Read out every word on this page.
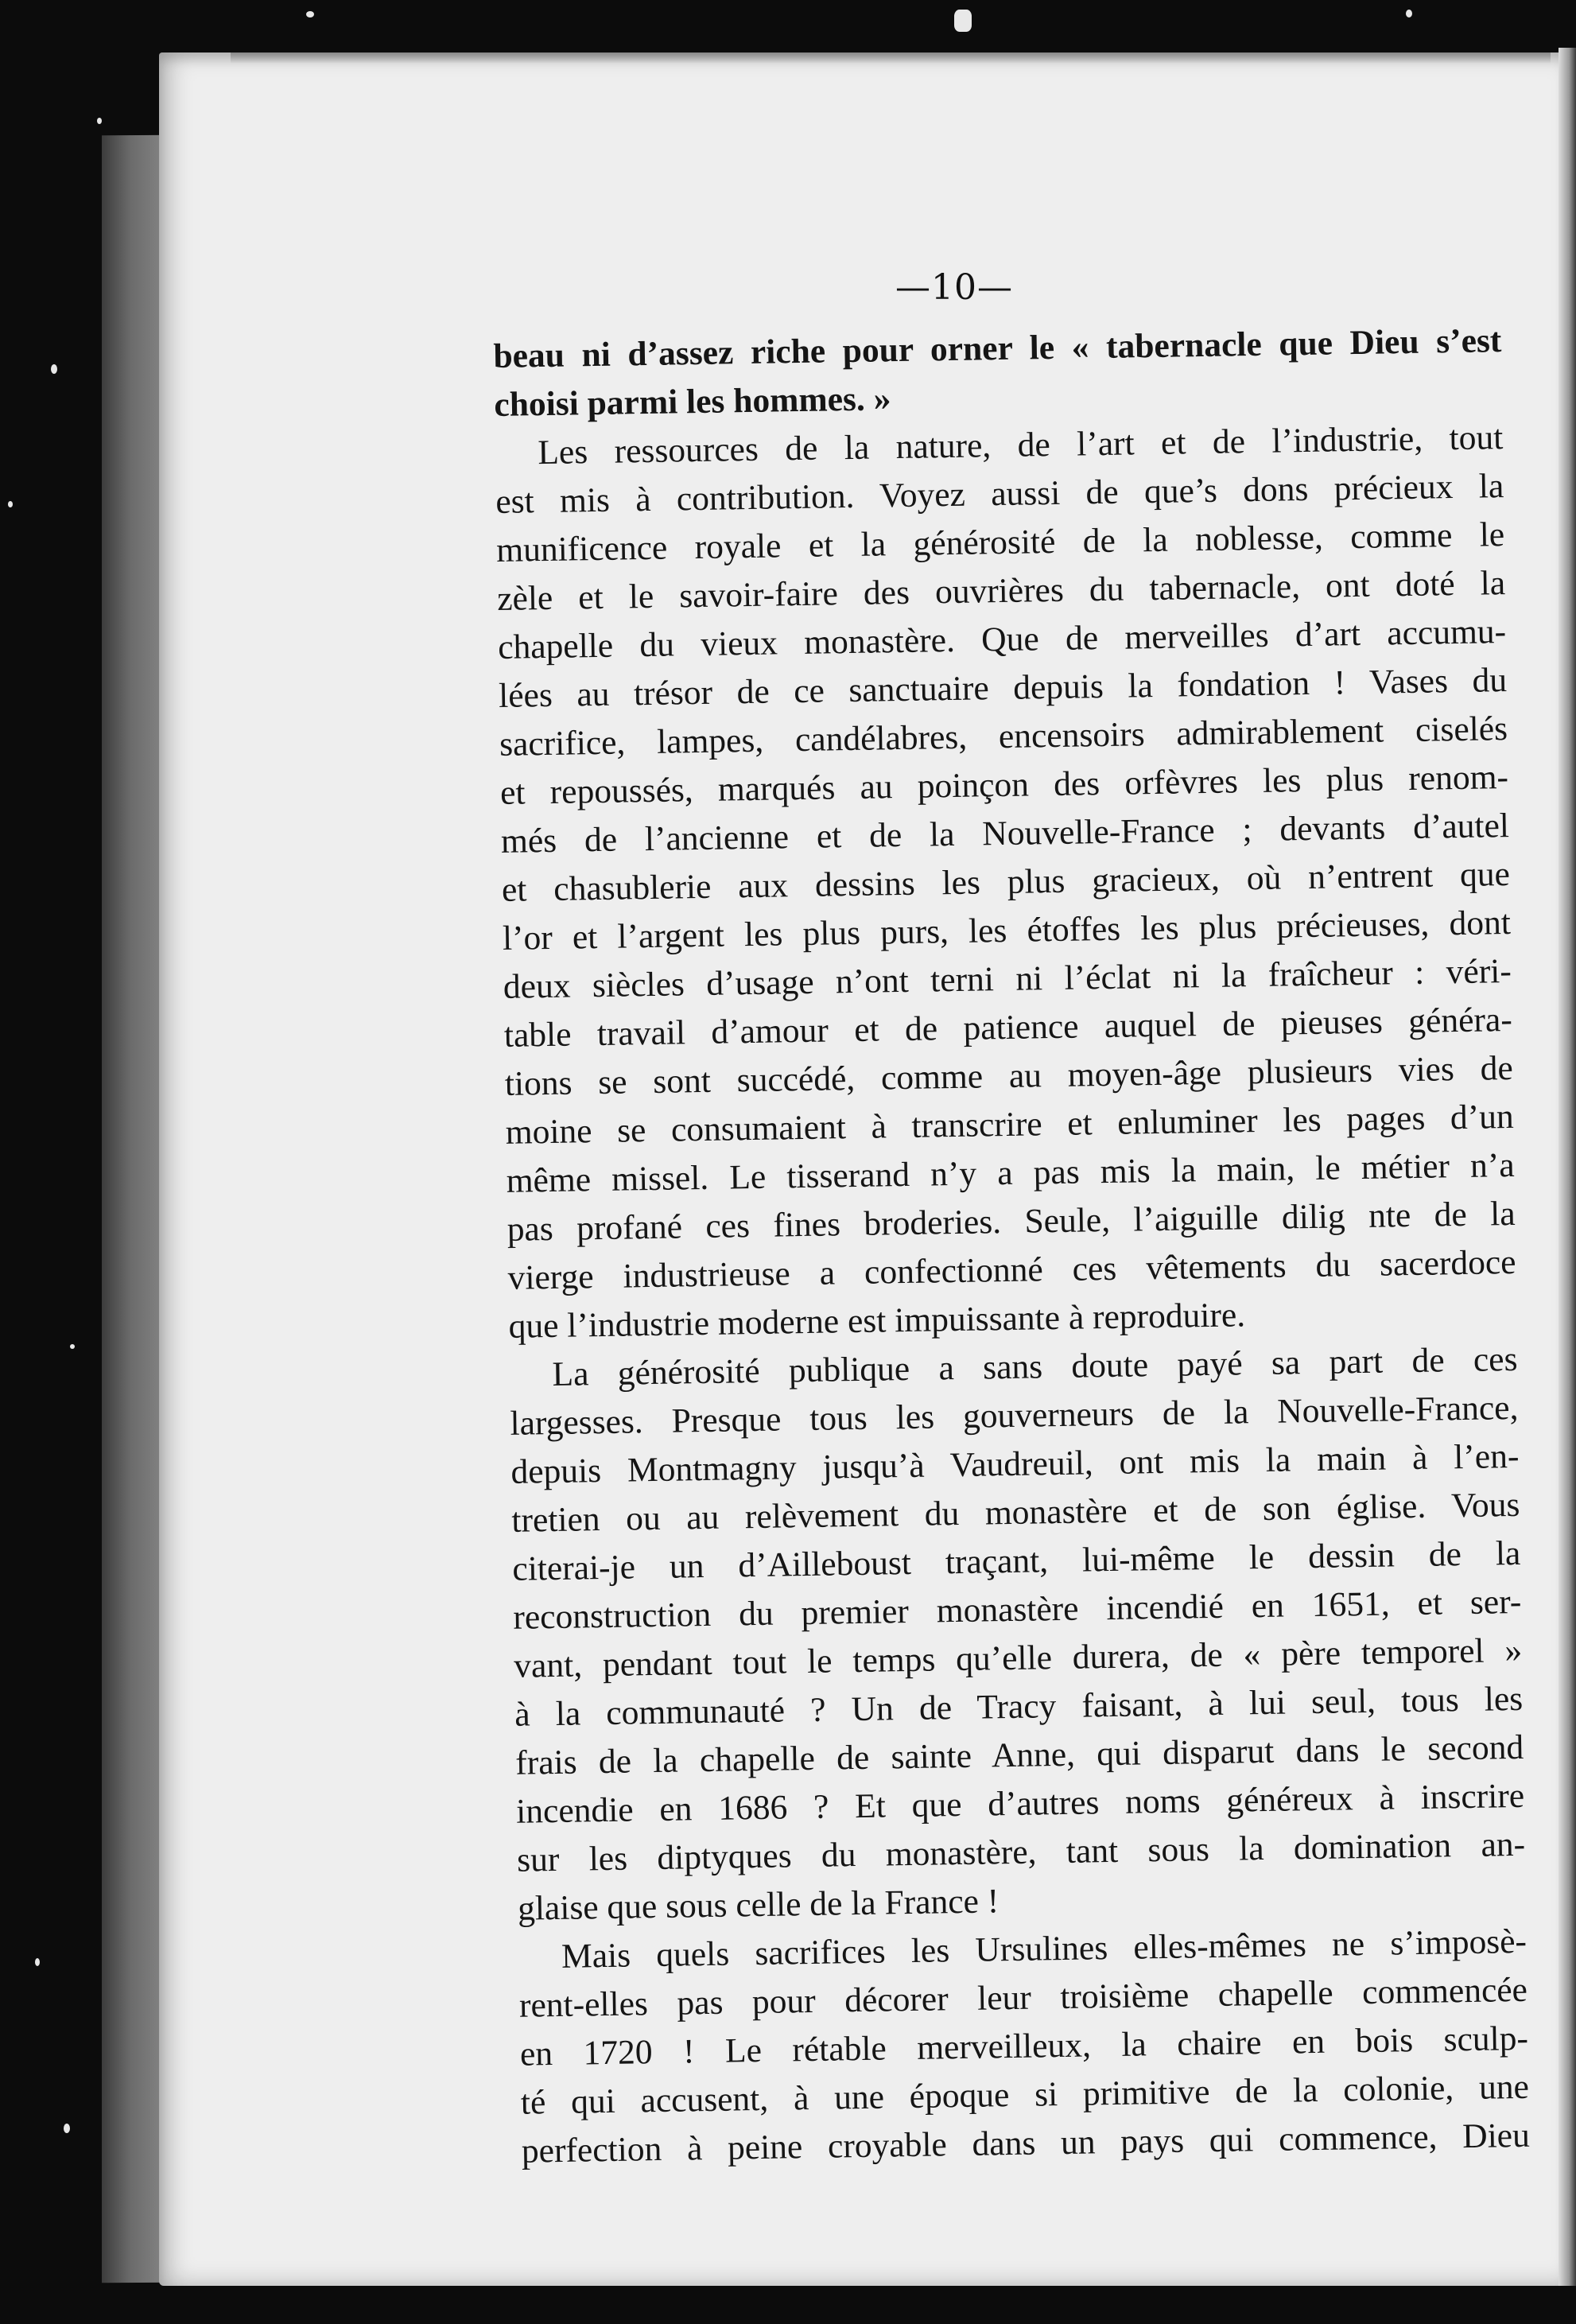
—10—
beau ni d’assez riche pour orner le « tabernacle que Dieu s’est
choisi parmi les hommes. »
Les ressources de la nature, de l’art et de l’industrie, tout
est mis à contribution. Voyez aussi de que’s dons précieux la
munificence royale et la générosité de la noblesse, comme le
zèle et le savoir-faire des ouvrières du tabernacle, ont doté la
chapelle du vieux monastère. Que de merveilles d’art accumu-
lées au trésor de ce sanctuaire depuis la fondation ! Vases du
sacrifice, lampes, candélabres, encensoirs admirablement ciselés
et repoussés, marqués au poinçon des orfèvres les plus renom-
més de l’ancienne et de la Nouvelle-France ; devants d’autel
et chasublerie aux dessins les plus gracieux, où n’entrent que
l’or et l’argent les plus purs, les étoffes les plus précieuses, dont
deux siècles d’usage n’ont terni ni l’éclat ni la fraîcheur : véri-
table travail d’amour et de patience auquel de pieuses généra-
tions se sont succédé, comme au moyen-âge plusieurs vies de
moine se consumaient à transcrire et enluminer les pages d’un
même missel. Le tisserand n’y a pas mis la main, le métier n’a
pas profané ces fines broderies. Seule, l’aiguille dilig nte de la
vierge industrieuse a confectionné ces vêtements du sacerdoce
que l’industrie moderne est impuissante à reproduire.
La générosité publique a sans doute payé sa part de ces
largesses. Presque tous les gouverneurs de la Nouvelle-France,
depuis Montmagny jusqu’à Vaudreuil, ont mis la main à l’en-
tretien ou au relèvement du monastère et de son église. Vous
citerai-je un d’Ailleboust traçant, lui-même le dessin de la
reconstruction du premier monastère incendié en 1651, et ser-
vant, pendant tout le temps qu’elle durera, de « père temporel »
à la communauté ? Un de Tracy faisant, à lui seul, tous les
frais de la chapelle de sainte Anne, qui disparut dans le second
incendie en 1686 ? Et que d’autres noms généreux à inscrire
sur les diptyques du monastère, tant sous la domination an-
glaise que sous celle de la France !
Mais quels sacrifices les Ursulines elles-mêmes ne s’imposè-
rent-elles pas pour décorer leur troisième chapelle commencée
en 1720 ! Le rétable merveilleux, la chaire en bois sculp-
té qui accusent, à une époque si primitive de la colonie, une
perfection à peine croyable dans un pays qui commence, Dieu
